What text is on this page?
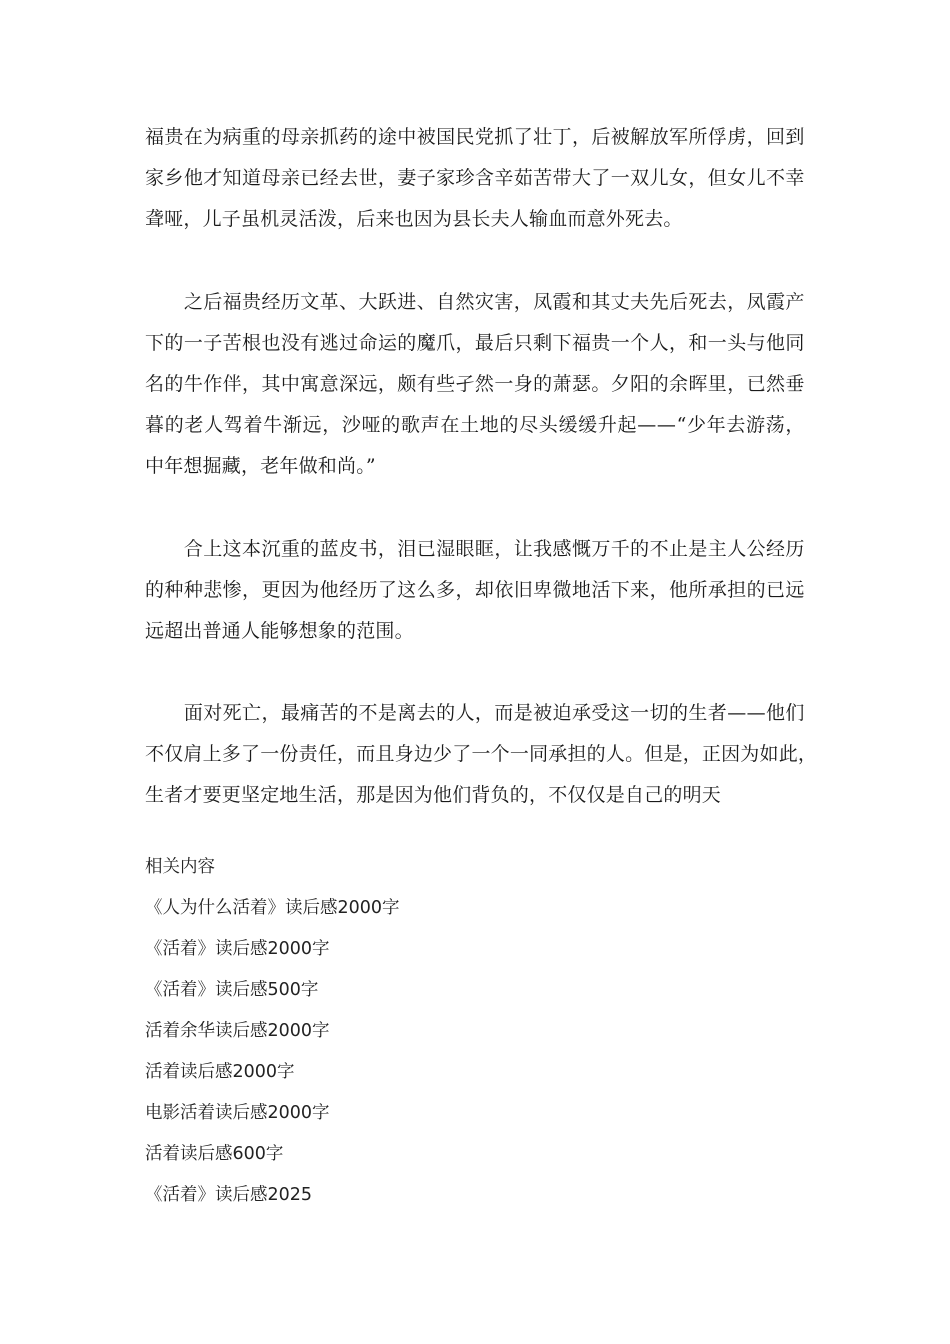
福 贵 在 为 病 重 的 母 亲 抓 药 的 途 中 被 国 民 党 抓 了 壮 丁 ， 后 被 解 放 军 所 俘 虏 ， 回 到
家 乡 他 才 知 道 母 亲 已 经 去 世 ， 妻 子 家 珍 含 辛 茹 苦 带 大 了 一 双 儿 女 ， 但 女 儿 不 幸
聋哑，儿子虽机灵活泼，后来也因为县长夫人输血而意外死去。

之 后 福 贵 经 历 文 革 、 大 跃 进 、 自 然 灾 害 ， 凤 霞 和 其 丈 夫 先 后 死 去 ， 凤 霞 产
下 的 一 子 苦 根 也 没 有 逃 过 命 运 的 魔 爪 ， 最 后 只 剩 下 福 贵 一 个 人 ， 和 一 头 与 他 同
名 的 牛 作 伴 ， 其 中 寓 意 深 远 ， 颇 有 些 孑 然 一 身 的 萧 瑟 。 夕 阳 的 余 晖 里 ， 已 然 垂
暮 的 老 人 驾 着 牛 渐 远 ， 沙 哑 的 歌 声 在 土 地 的 尽 头 缓 缓 升 起 — — “ 少 年 去 游 荡 ，
中年想掘藏，老年做和尚。”

合 上 这 本 沉 重 的 蓝 皮 书 ， 泪 已 湿 眼 眶 ， 让 我 感 慨 万 千 的 不 止 是 主 人 公 经 历
的 种 种 悲 惨 ， 更 因 为 他 经 历 了 这 么 多 ， 却 依 旧 卑 微 地 活 下 来 ， 他 所 承 担 的 已 远
远超出普通人能够想象的范围。

面 对 死 亡 ， 最 痛 苦 的 不 是 离 去 的 人 ， 而 是 被 迫 承 受 这 一 切 的 生 者 — — 他 们
不 仅 肩 上 多 了 一 份 责 任 ， 而 且 身 边 少 了 一 个 一 同 承 担 的 人 。 但 是 ， 正 因 为 如 此 ，
生者才要更坚定地生活，那是因为他们背负的，不仅仅是自己的明天
相关内容
《人为什么活着》读后感2000字
《活着》读后感2000字
《活着》读后感500字
活着余华读后感2000字
活着读后感2000字
电影活着读后感2000字
活着读后感600字
《活着》读后感2025
